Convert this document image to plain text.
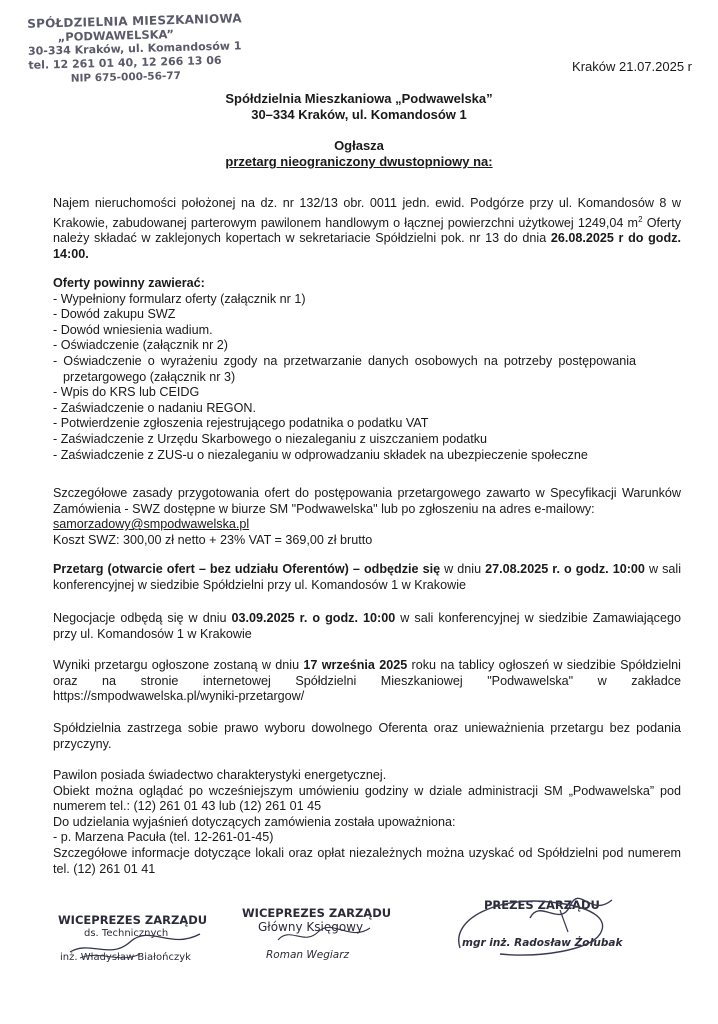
SPÓŁDZIELNIA MIESZKANIOWA
„PODWAWELSKA”
30-334 Kraków, ul. Komandosów 1
tel. 12 261 01 40, 12 266 13 06
NIP 675-000-56-77
Kraków 21.07.2025 r
Spółdzielnia Mieszkaniowa „Podwawelska”
30–334 Kraków, ul. Komandosów 1
Ogłasza
przetarg nieograniczony dwustopniowy na:
Najem nieruchomości położonej na dz. nr 132/13 obr. 0011 jedn. ewid. Podgórze przy ul. Komandosów 8 w Krakowie, zabudowanej parterowym pawilonem handlowym o łącznej powierzchni użytkowej 1249,04 $m^2$ Oferty należy składać w zaklejonych kopertach w sekretariacie Spółdzielni pok. nr 13 do dnia 26.08.2025 r do godz. 14:00.
Oferty powinny zawierać:
- Wypełniony formularz oferty (załącznik nr 1)
- Dowód zakupu SWZ
- Dowód wniesienia wadium.
- Oświadczenie (załącznik nr 2)
- Oświadczenie o wyrażeniu zgody na przetwarzanie danych osobowych na potrzeby postępowania
przetargowego (załącznik nr 3)
- Wpis do KRS lub CEIDG
- Zaświadczenie o nadaniu REGON.
- Potwierdzenie zgłoszenia rejestrującego podatnika o podatku VAT
- Zaświadczenie z Urzędu Skarbowego o niezaleganiu z uiszczaniem podatku
- Zaświadczenie z ZUS-u o niezaleganiu w odprowadzaniu składek na ubezpieczenie społeczne
Szczegółowe zasady przygotowania ofert do postępowania przetargowego zawarto w Specyfikacji Warunków Zamówienia - SWZ dostępne w biurze SM "Podwawelska" lub po zgłoszeniu na adres e-mailowy:
samorzadowy@smpodwawelska.pl
Koszt SWZ: 300,00 zł netto + 23% VAT = 369,00 zł brutto
Przetarg (otwarcie ofert – bez udziału Oferentów) – odbędzie się w dniu 27.08.2025 r. o godz. 10:00 w sali konferencyjnej w siedzibie Spółdzielni przy ul. Komandosów 1 w Krakowie
Negocjacje odbędą się w dniu 03.09.2025 r. o godz. 10:00 w sali konferencyjnej w siedzibie Zamawiającego przy ul. Komandosów 1 w Krakowie
Wyniki przetargu ogłoszone zostaną w dniu 17 września 2025 roku na tablicy ogłoszeń w siedzibie Spółdzielni oraz na stronie internetowej Spółdzielni Mieszkaniowej "Podwawelska" w zakładce https://smpodwawelska.pl/wyniki-przetargow/
Spółdzielnia zastrzega sobie prawo wyboru dowolnego Oferenta oraz unieważnienia przetargu bez podania przyczyny.
Pawilon posiada świadectwo charakterystyki energetycznej.
Obiekt można oglądać po wcześniejszym umówieniu godziny w dziale administracji SM „Podwawelska” pod numerem tel.: (12) 261 01 43 lub (12) 261 01 45
Do udzielania wyjaśnień dotyczących zamówienia została upoważniona:
- p. Marzena Pacuła (tel. 12-261-01-45)
Szczegółowe informacje dotyczące lokali oraz opłat niezależnych można uzyskać od Spółdzielni pod numerem tel. (12) 261 01 41
WICEPREZES ZARZĄDU
ds. Technicznych
inż. Władysław Białończyk
WICEPREZES ZARZĄDU
Główny Księgowy
Roman Wegiarz
PREZES ZARZĄDU
mgr inż. Radosław Żołubak
